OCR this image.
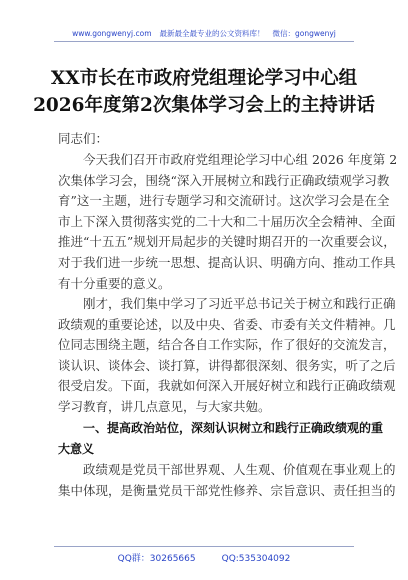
www.gongwenyj.com 最新最全最专业的公文资料库！ 微信：gongwenyj
XX市长在市政府党组理论学习中心组
2026年度第2次集体学习会上的主持讲话
同志们：
今天我们召开市政府党组理论学习中心组 2026 年度第 2
次集体学习会，围绕“深入开展树立和践行正确政绩观学习教
育”这一主题，进行专题学习和交流研讨。这次学习会是在全
市上下深入贯彻落实党的二十大和二十届历次全会精神、全面
推进“十五五”规划开局起步的关键时期召开的一次重要会议，
对于我们进一步统一思想、提高认识、明确方向、推动工作具
有十分重要的意义。
刚才，我们集中学习了习近平总书记关于树立和践行正确
政绩观的重要论述，以及中央、省委、市委有关文件精神。几
位同志围绕主题，结合各自工作实际，作了很好的交流发言，
谈认识、谈体会、谈打算，讲得都很深刻、很务实，听了之后
很受启发。下面，我就如何深入开展好树立和践行正确政绩观
学习教育，讲几点意见，与大家共勉。
一、提高政治站位，深刻认识树立和践行正确政绩观的重
大意义
政绩观是党员干部世界观、人生观、价值观在事业观上的
集中体现，是衡量党员干部党性修养、宗旨意识、责任担当的
QQ群：30265665	QQ:535304092
